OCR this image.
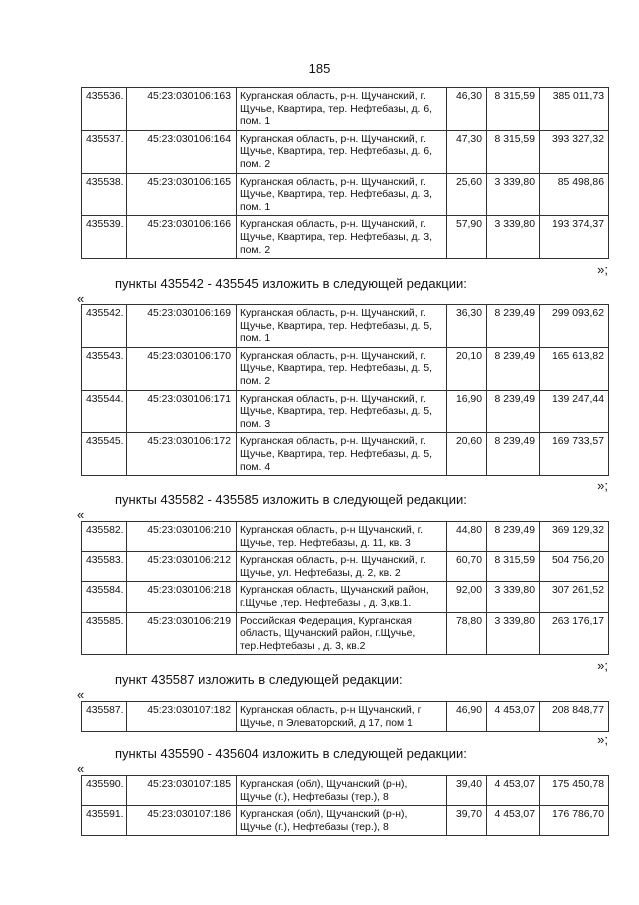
185
435536.	45:23:030106:163	Курганская область, р-н. Щучанский, г. Щучье, Квартира, тер. Нефтебазы, д. 6, пом. 1	46,30	8 315,59	385 011,73
435537.	45:23:030106:164	Курганская область, р-н. Щучанский, г. Щучье, Квартира, тер. Нефтебазы, д. 6, пом. 2	47,30	8 315,59	393 327,32
435538.	45:23:030106:165	Курганская область, р-н. Щучанский, г. Щучье, Квартира, тер. Нефтебазы, д. 3, пом. 1	25,60	3 339,80	85 498,86
435539.	45:23:030106:166	Курганская область, р-н. Щучанский, г. Щучье, Квартира, тер. Нефтебазы, д. 3, пом. 2	57,90	3 339,80	193 374,37
»;
пункты 435542 - 435545 изложить в следующей редакции:
«
435542.	45:23:030106:169	Курганская область, р-н. Щучанский, г. Щучье, Квартира, тер. Нефтебазы, д. 5, пом. 1	36,30	8 239,49	299 093,62
435543.	45:23:030106:170	Курганская область, р-н. Щучанский, г. Щучье, Квартира, тер. Нефтебазы, д. 5, пом. 2	20,10	8 239,49	165 613,82
435544.	45:23:030106:171	Курганская область, р-н. Щучанский, г. Щучье, Квартира, тер. Нефтебазы, д. 5, пом. 3	16,90	8 239,49	139 247,44
435545.	45:23:030106:172	Курганская область, р-н. Щучанский, г. Щучье, Квартира, тер. Нефтебазы, д. 5, пом. 4	20,60	8 239,49	169 733,57
»;
пункты 435582 - 435585 изложить в следующей редакции:
«
435582.	45:23:030106:210	Курганская область, р-н Щучанский, г. Щучье, тер. Нефтебазы, д. 11, кв. 3	44,80	8 239,49	369 129,32
435583.	45:23:030106:212	Курганская область, р-н. Щучанский, г. Щучье, ул. Нефтебазы, д. 2, кв. 2	60,70	8 315,59	504 756,20
435584.	45:23:030106:218	Курганская область, Щучанский район, г.Щучье ,тер. Нефтебазы , д. 3,кв.1.	92,00	3 339,80	307 261,52
435585.	45:23:030106:219	Российская Федерация, Курганская область, Щучанский район, г.Щучье, тер.Нефтебазы , д. 3, кв.2	78,80	3 339,80	263 176,17
»;
пункт 435587 изложить в следующей редакции:
«
435587.	45:23:030107:182	Курганская область, р-н Щучанский, г Щучье, п Элеваторский, д 17, пом 1	46,90	4 453,07	208 848,77
»;
пункты 435590 - 435604 изложить в следующей редакции:
«
435590.	45:23:030107:185	Курганская (обл), Щучанский (р-н), Щучье (г.), Нефтебазы (тер.), 8	39,40	4 453,07	175 450,78
435591.	45:23:030107:186	Курганская (обл), Щучанский (р-н), Щучье (г.), Нефтебазы (тер.), 8	39,70	4 453,07	176 786,70
